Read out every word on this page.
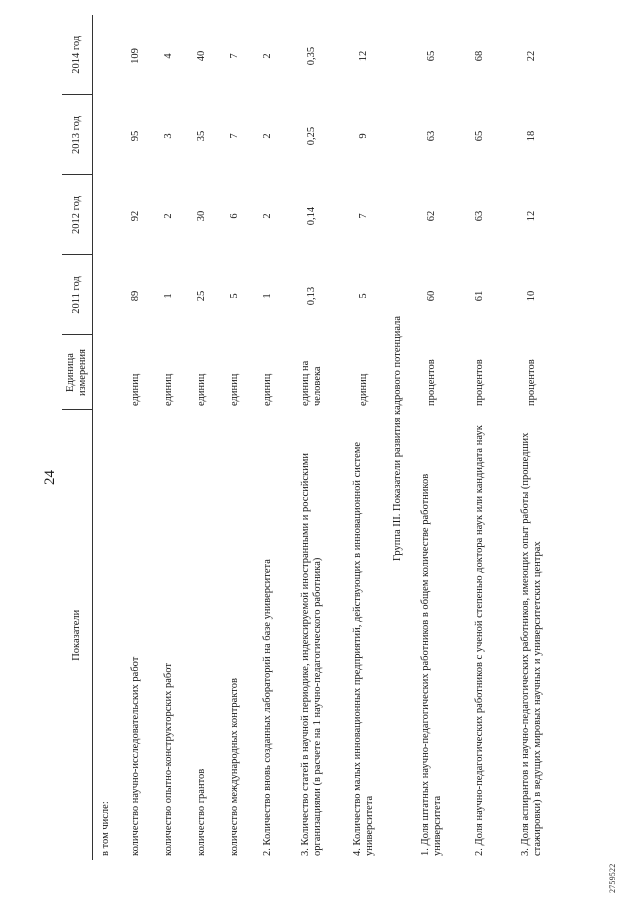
24
2759522
Показатели	Единица измерения	2011 год	2012 год	2013 год	2014 год
в том числе:					
количество научно-исследовательских работ	единиц	89	92	95	109
количество опытно-конструкторских работ	единиц	1	2	3	4
количество грантов	единиц	25	30	35	40
количество международных контрактов	единиц	5	6	7	7
2. Количество вновь созданных лабораторий на базе университета	единиц	1	2	2	2
3. Количество статей в научной периодике, индексируемой иностранными и российскими организациями (в расчете на 1 научно-педагогического работника)	единиц на человека	0,13	0,14	0,25	0,35
4. Количество малых инновационных предприятий, действующих в инновационной системе университета	единиц	5	7	9	12
Группа III. Показатели развития кадрового потенциала					
1. Доля штатных научно-педагогических работников в общем количестве работников университета	процентов	60	62	63	65
2. Доля научно-педагогических работников с ученой степенью доктора наук или кандидата наук	процентов	61	63	65	68
3. Доля аспирантов и научно-педагогических работников, имеющих опыт работы (прошедших стажировки) в ведущих мировых научных и университетских центрах	процентов	10	12	18	22
